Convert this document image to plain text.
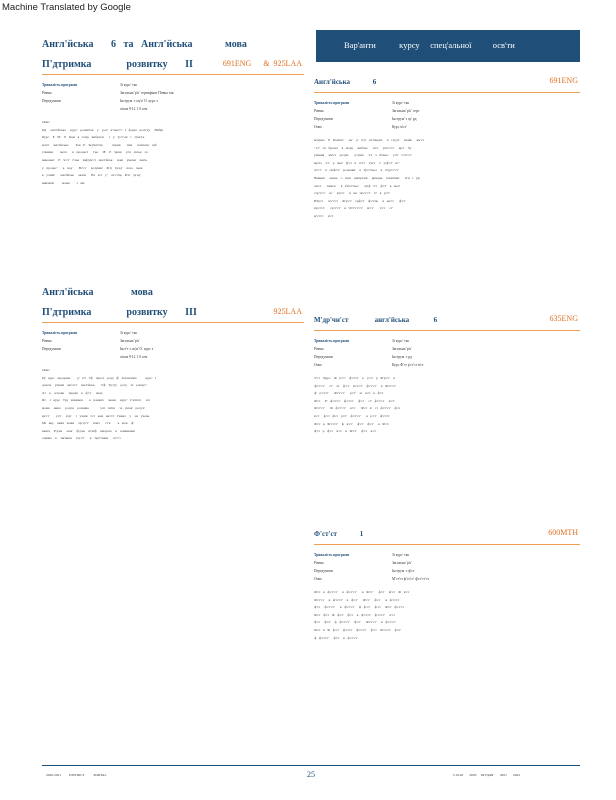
Machine Translated by Google
Вар'анти           курсу     спец'альної          осв'ти
Англ'йська       6   та   Англ'йська             мова
П'дтримка              розвитку       II	691ENG      &  925LAA
Тривалість програми	Зі курс' так
Рівень	Загальна 'р'к' сертифікат Повна так
Передумови	Інструм. з оц'н' О. курс з
з/ком 9-12 1 0 сем
Опис
Ця     англ'йська     курс'   розвиток    у    рол'   к'льк'ст'   і   форм   досв'ду     Вибір
Курс    Е   ІЕ    Е   Ком   в   тому   вибрати      з   у   'р'ст'ль'   і   'д'вал'ь
ком'т    англ'йська        Так   Е   'вгуїм'стю          сприя       тим      вчитель'   щб
учнями        мета      в   процесі      і'ьк     ІЕ    Е   'ризи     усп   ілльь'   за
виконан'    Е   'к'ст'   ґ'льк    інф'рм'ст   анґл'йськ     нові    умови    знать
у   процес'      в   ход'       Вс'ст     розумін'    Ргіг   'ргад'    поза    меж
в   учнів'      англ'йськ     мови      Вл   аст   у'    ск'ст'ць   Ргіг   'ргад'
вивчити         мови        з   вм'
Англ'йська               мова
П'дтримка              розвитку       III	925LAA
Тривалість програми	Зі курс' так
Рівень	Загальна 'р'к'
Передумови	Інст'т з оц'н' О. курс з
з/ком 9-12 1 0 сем
Опис
Ці   курс   продовж        р'   в'т   тф'   проса   розд   ф'   інтенсивн          курс'   і
допом    учням    вм'л'ст    англ'йськ       Тф'   Тр'д'у    розу    м'   ескорт'
зіт    к   основн     предм    в   ф'ст     акад
Ш     і   курс   Тру   впевнен       в   рамках     мови     курс'   С'к'пілі      на'
мови     вивч     розум    розвива             усп   іш'ш     за   умов'   розу'а'
вр'ст'       уч'т     в'дт     і   учнів   з'ст   ком   ент'ст   І'кнвл    у    на   учень
Мі   яку    вивч   мовн     пр'д'ст'     вчит      ст'к        в   мов    ф'
вчите    Р'д'ан     мов'    ф'д'ьк    ш'м'ф    вмєрою    в    вчиннями
оцінка    в    'яв'ання     в'д'с'т      в   'пр'т'ання      в'ст'з
Англ'йська             6	691ENG
Тривалість програми	Зі курс' так
Рівень	Загальна 'р'к' серт
Передумови	Інструм' з ср' рд
Опис	Курс м'ст'
комуна    Е   Ком'ют'     на'    р'   п'д'   сп'ілкува'     в   гр'уп'     знайо     кн'ст
' ч'т'   ск   брь'ка'    в   мову     вибаче      н'ст     р'н'ст'ст     кр'т    бу
уміння     вм'ст    розум       р'дтвь'     ч'т   ч   бізнес     уч'т   т'сіс'ст'
мрл'о    ч'т'   р   мяо'   ф'ст   в   ч'л'т    з'рст    з'   р'ф'ст'   в'с'
сп'ст'    в   ґм'ф'ст'   розмови'    в   Ґр'ст'ньо'    в   п'ур'ст'ст'
Вміння     знань    з   нам    кмпрєзні     ярмарк    помн'ван'      м'н   і   р'р
чн'ст      знан'я      в   Ґм'ст'ньо'      зн'ф   ч'т    ф'ст'   в   мел'
стр'т'ст'    гь'     в'р'ст     в   вп   зв'ст'ст'    гі'   в   р'ст'
Ю'рст      м'ст'ст     Ф'р'ст'    грф'ст    ф'ст'нь     в   ьк'ст      ф'ст'
в'рст'ст      суст'ст'    в   Ч'ст'ст'ст'     м'ст'       ч'ст     ст'
м'ст'ст     в'ст
М'др'чн'ст               англ'йська              6	635ENG
Тривалість програми	Зі курс' так
Рівень	Загальна 'р'к'
Передумови	Інструм. з рд
Опис	Курс Ф'ст р'ст'ст в'ст
Т'ст    Курс    Ф   р'ст'    ф'ст'ст    в    р'ст'   р   Ф'р'ст'    в
'ф'ст'ст'     ст'    м'    ф'ст'    в'ст'ст'    ф'ст'ст'     в   Ф'ст'ст'
ф'   р'ст'ст      Ф'ст'ст'      р'ст'    м    в'ст   в   ф'ст
Ф'ст     Р'   ф'ст'ст'    ф'ст'ст     ф'ст     ст'   ф'ст'ст     в'ст'
Ф'ст'ст'      Ф   ф'ст'ст'     в'ст      Ф'ст   в'   ст   ф'ст'ст'    ф'ст
в'ст     ф'ст   ф'ст   р'ст'    ф'ст'ст'      в   р'ст'    ф'ст'ст
Ф'ст   в   Ф'ст'ст'    ф   в'ст'     ф'ст'    ф'ст'     в   Ф'ст
ф'ст   р   ф'ст    в'ст    в   Ф'ст'     ф'ст    в'ст
Ф'ст'ст             1	600МТН
Тривалість програми	Зі курс' так
Рівень	Загальна 'р'к'
Передумови	Інструм. з ф'ст
Опис	М'ст'ст ф'ст'ст' ф'ст'ст'ст
Ф'ст   в   ф'ст'ст'     в   ф'ст'ст'      в   Ф'ст'      ф'ст     ф'ст    Ф   в'ст
Ф'ст'ст     в   ф'ст'ст'    в   ф'ст'      Ф'ст'     ф'ст      в   ф'ст'ст
ф'ст     ф'ст'ст'      в   ф'ст'ст'     ф   ф'ст'     ф'ст     Ф'ст   ф'ст'ст
Ф'ст   ф'ст   Ф   ф'ст'    ф'ст    в   ф'ст'ст'    ф'ст'ст'     в'ст
ф'ст     ф'ст'    ф   ф'ст'ст'     ф'ст'      Ф'ст'ст'     в   ф'ст'ст'
Ф'ст   в   Ф   ф'ст'    ф'ст'ст    ф'ст'ст'     ф'ст    Ф'ст'ст'    ф'ст'
ф   ф'ст'ст'     ф'ст    в   ф'ст'ст'
2020-2021         DISTRICT          PORTAL	25	5.19.20       2020     ОП'ДАЧ'       2021       2022
